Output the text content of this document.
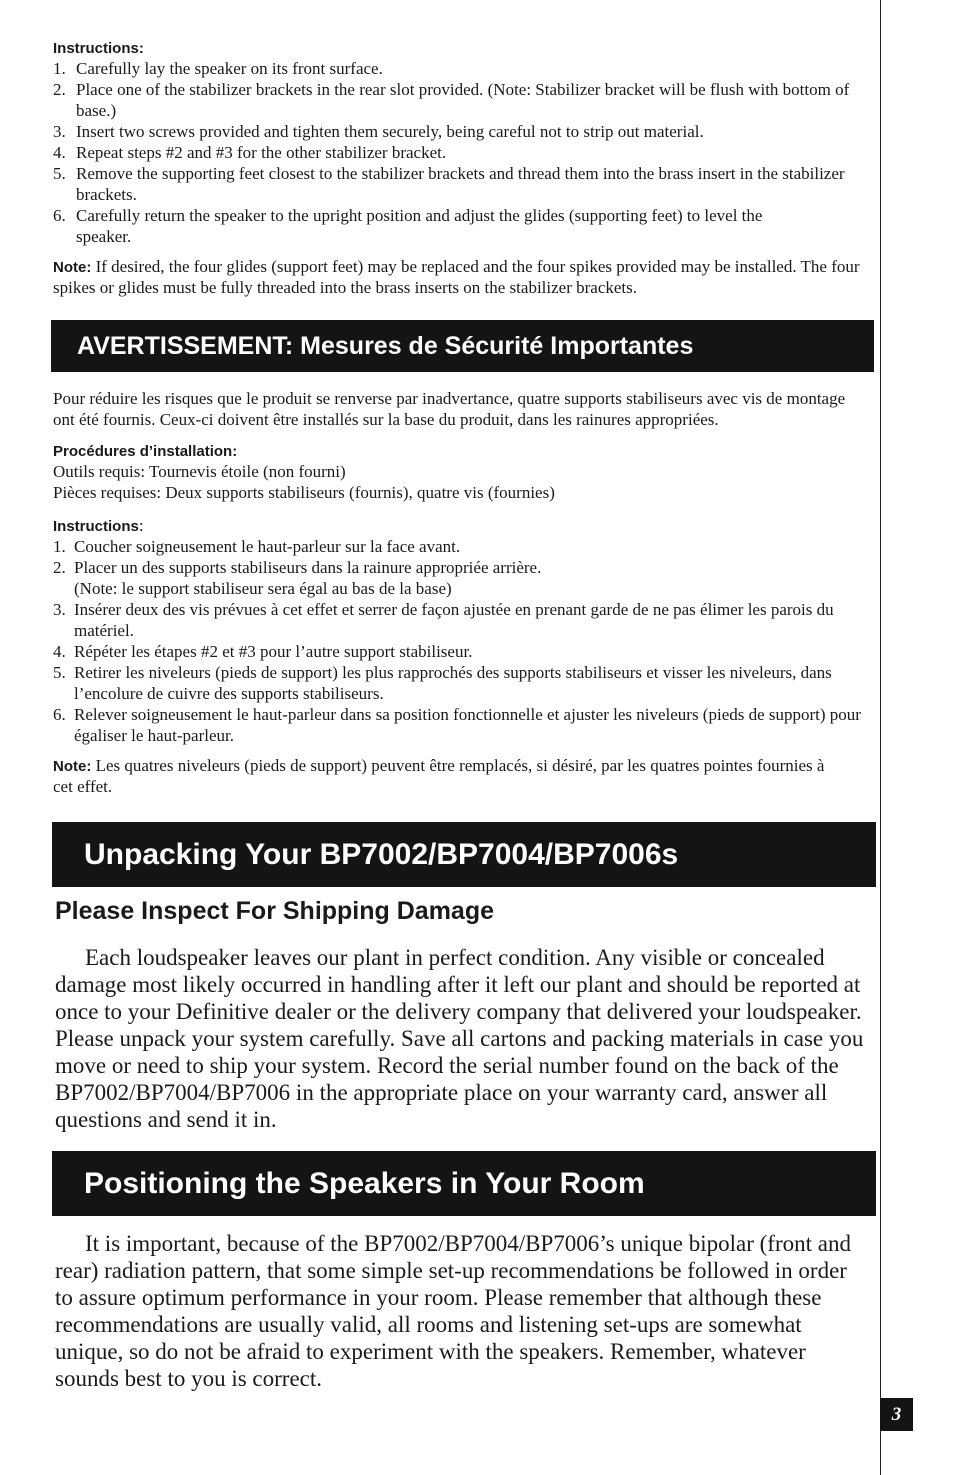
Instructions:
1. Carefully lay the speaker on its front surface.
2. Place one of the stabilizer brackets in the rear slot provided. (Note: Stabilizer bracket will be flush with bottom of base.)
3. Insert two screws provided and tighten them securely, being careful not to strip out material.
4. Repeat steps #2 and #3 for the other stabilizer bracket.
5. Remove the supporting feet closest to the stabilizer brackets and thread them into the brass insert in the stabilizer brackets.
6. Carefully return the speaker to the upright position and adjust the glides (supporting feet) to level the speaker.

Note: If desired, the four glides (support feet) may be replaced and the four spikes provided may be installed. The four spikes or glides must be fully threaded into the brass inserts on the stabilizer brackets.

AVERTISSEMENT: Mesures de Sécurité Importantes

Pour réduire les risques que le produit se renverse par inadvertance, quatre supports stabiliseurs avec vis de montage ont été fournis. Ceux-ci doivent être installés sur la base du produit, dans les rainures appropriées.

Procédures d’installation:

Outils requis: Tournevis étoile (non fourni)

Pièces requises: Deux supports stabiliseurs (fournis), quatre vis (fournies)

Instructions:
1. Coucher soigneusement le haut-parleur sur la face avant.
2. Placer un des supports stabiliseurs dans la rainure appropriée arrière.
(Note: le support stabiliseur sera égal au bas de la base)
3. Insérer deux des vis prévues à cet effet et serrer de façon ajustée en prenant garde de ne pas élimer les parois du matériel.
4. Répéter les étapes #2 et #3 pour l’autre support stabiliseur.
5. Retirer les niveleurs (pieds de support) les plus rapprochés des supports stabiliseurs et visser les niveleurs, dans l’encolure de cuivre des supports stabiliseurs.
6. Relever soigneusement le haut-parleur dans sa position fonctionnelle et ajuster les niveleurs (pieds de support) pour égaliser le haut-parleur.

Note: Les quatres niveleurs (pieds de support) peuvent être remplacés, si désiré, par les quatres pointes fournies à cet effet.

Unpacking Your BP7002/BP7004/BP7006s
Please Inspect For Shipping Damage

Each loudspeaker leaves our plant in perfect condition. Any visible or concealed damage most likely occurred in handling after it left our plant and should be reported at once to your Definitive dealer or the delivery company that delivered your loudspeaker. Please unpack your system carefully. Save all cartons and packing materials in case you move or need to ship your system. Record the serial number found on the back of the BP7002/BP7004/BP7006 in the appropriate place on your warranty card, answer all questions and send it in.

Positioning the Speakers in Your Room

It is important, because of the BP7002/BP7004/BP7006’s unique bipolar (front and rear) radiation pattern, that some simple set-up recommendations be followed in order to assure optimum performance in your room. Please remember that although these recommendations are usually valid, all rooms and listening set-ups are somewhat unique, so do not be afraid to experiment with the speakers. Remember, whatever sounds best to you is correct.

3
